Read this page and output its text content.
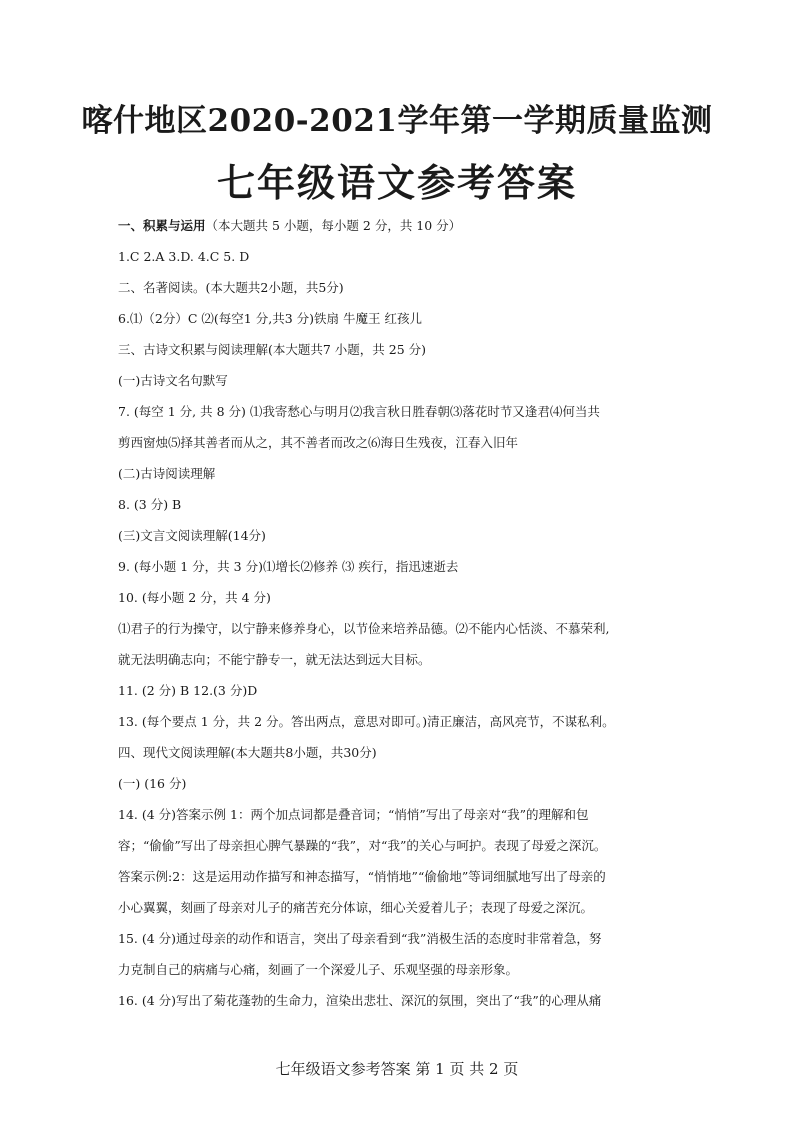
喀什地区2020-2021学年第一学期质量监测
七年级语文参考答案
一、积累与运用（本大题共 5 小题，每小题 2 分，共 10 分）
1.C 2.A 3.D. 4.C 5. D
二、名著阅读。(本大题共2小题，共5分)
6.⑴（2分）C ⑵(每空1 分,共3 分)铁扇 牛魔王 红孩儿
三、古诗文积累与阅读理解(本大题共7 小题，共 25 分)
(一)古诗文名句默写
7. (每空 1 分, 共 8 分) ⑴我寄愁心与明月⑵我言秋日胜春朝⑶落花时节又逢君⑷何当共
剪西窗烛⑸择其善者而从之，其不善者而改之⑹海日生残夜，江春入旧年
(二)古诗阅读理解
8. (3 分) B
(三)文言文阅读理解(14分)
9. (每小题 1 分，共 3 分)⑴增长⑵修养 ⑶ 疾行，指迅速逝去
10. (每小题 2 分，共 4 分)
⑴君子的行为操守，以宁静来修养身心，以节俭来培养品德。⑵不能内心恬淡、不慕荣利,
就无法明确志向；不能宁静专一，就无法达到远大目标。
11. (2 分) B 12.(3 分)D
13. (每个要点 1 分，共 2 分。答出两点，意思对即可。)清正廉洁，高风亮节，不谋私利。
四、现代文阅读理解(本大题共8小题，共30分)
(一) (16 分)
14. (4 分)答案示例 1：两个加点词都是叠音词；“悄悄”写出了母亲对“我”的理解和包
容；“偷偷”写出了母亲担心脾气暴躁的“我”，对“我”的关心与呵护。表现了母爱之深沉。
答案示例:2：这是运用动作描写和神态描写，“悄悄地”“偷偷地”等词细腻地写出了母亲的
小心翼翼，刻画了母亲对儿子的痛苦充分体谅，细心关爱着儿子；表现了母爱之深沉。
15. (4 分)通过母亲的动作和语言，突出了母亲看到“我”消极生活的态度时非常着急，努
力克制自己的病痛与心痛，刻画了一个深爱儿子、乐观坚强的母亲形象。
16. (4 分)写出了菊花蓬勃的生命力，渲染出悲壮、深沉的氛围，突出了“我”的心理从痛
七年级语文参考答案 第 1 页 共 2 页
